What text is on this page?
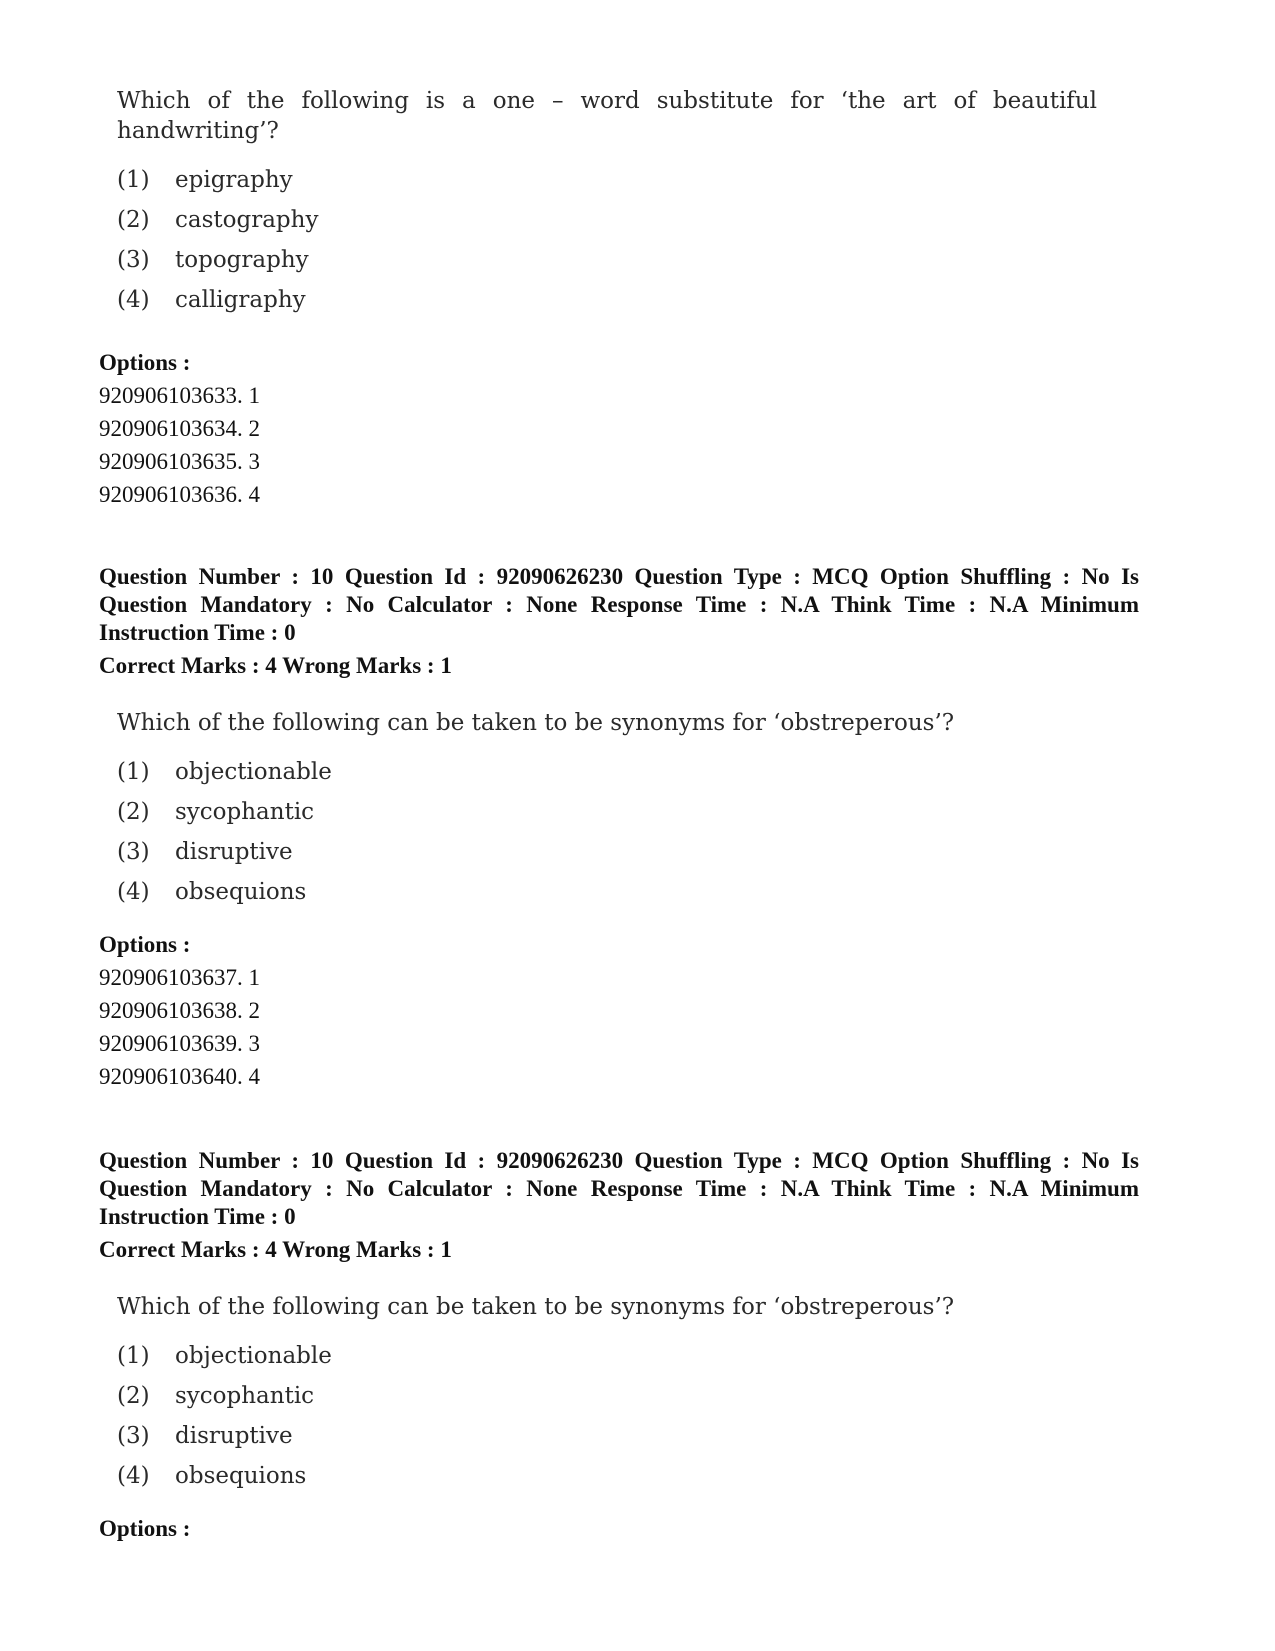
Which of the following is a one – word substitute for ‘the art of beautiful handwriting’?

(1)	epigraphy
(2)	castography
(3)	topography
(4)	calligraphy
Options :
920906103633. 1
920906103634. 2
920906103635. 3
920906103636. 4
Question Number : 10 Question Id : 92090626230 Question Type : MCQ Option Shuffling : No Is Question Mandatory : No Calculator : None Response Time : N.A Think Time : N.A Minimum Instruction Time : 0
Correct Marks : 4 Wrong Marks : 1

Which of the following can be taken to be synonyms for ‘obstreperous’?

(1)	objectionable
(2)	sycophantic
(3)	disruptive
(4)	obsequions
Options :
920906103637. 1
920906103638. 2
920906103639. 3
920906103640. 4
Question Number : 10 Question Id : 92090626230 Question Type : MCQ Option Shuffling : No Is Question Mandatory : No Calculator : None Response Time : N.A Think Time : N.A Minimum Instruction Time : 0
Correct Marks : 4 Wrong Marks : 1

Which of the following can be taken to be synonyms for ‘obstreperous’?

(1)	objectionable
(2)	sycophantic
(3)	disruptive
(4)	obsequions
Options :
